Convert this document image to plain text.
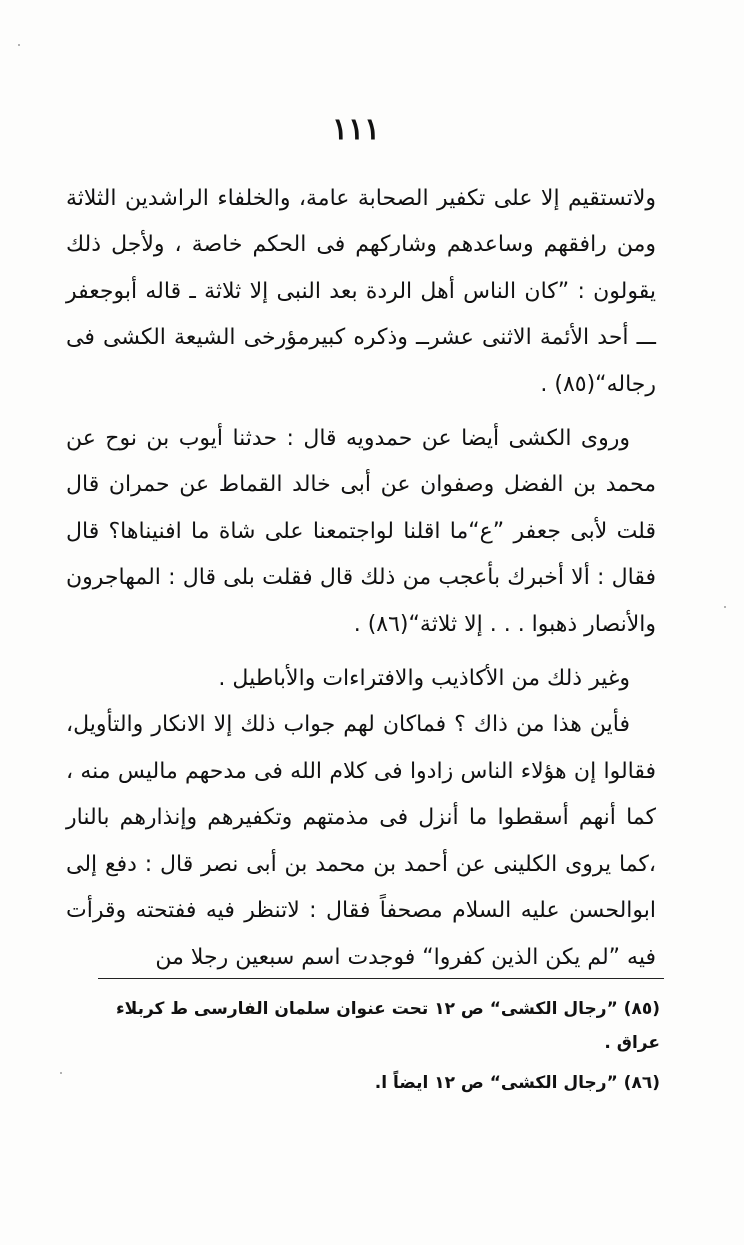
١١١

ولاتستقيم إلا على تكفير الصحابة عامة، والخلفاء الراشدين الثلاثة ومن رافقهم وساعدهم وشاركهم فى الحكم خاصة ، ولأجل ذلك يقولون : ”كان الناس أهل الردة بعد النبى إلا ثلاثة ـ قاله أبوجعفر ـــ أحد الأئمة الاثنى عشرــ وذكره كبيرمؤرخى الشيعة الكشى فى رجاله“(٨٥) .

وروى الكشى أيضا عن حمدويه قال : حدثنا أيوب بن نوح عن محمد بن الفضل وصفوان عن أبى خالد القماط عن حمران قال قلت لأبى جعفر ”ع“ما اقلنا لواجتمعنا على شاة ما افنيناها؟ قال فقال : ألا أخبرك بأعجب من ذلك قال فقلت بلى قال : المهاجرون والأنصار ذهبوا . . . إلا ثلاثة“(٨٦) .

وغير ذلك من الأكاذيب والافتراءات والأباطيل .

فأين هذا من ذاك ؟ فماكان لهم جواب ذلك إلا الانكار والتأويل، فقالوا إن هؤلاء الناس زادوا فى كلام الله فى مدحهم ماليس منه ، كما أنهم أسقطوا ما أنزل فى مذمتهم وتكفيرهم وإنذارهم بالنار ،كما يروى الكلينى عن أحمد بن محمد بن أبى نصر قال : دفع إلى ابوالحسن عليه السلام مصحفاً فقال : لاتنظر فيه ففتحته وقرأت فيه ”لم يكن الذين كفروا“ فوجدت اسم سبعين رجلا من

(٨٥) ”رجال الكشى“ ص ١٢ تحت عنوان سلمان الفارسى ط كربلاء عراق .

(٨٦) ”رجال الكشى“ ص ١٢ ايضاً ا.
